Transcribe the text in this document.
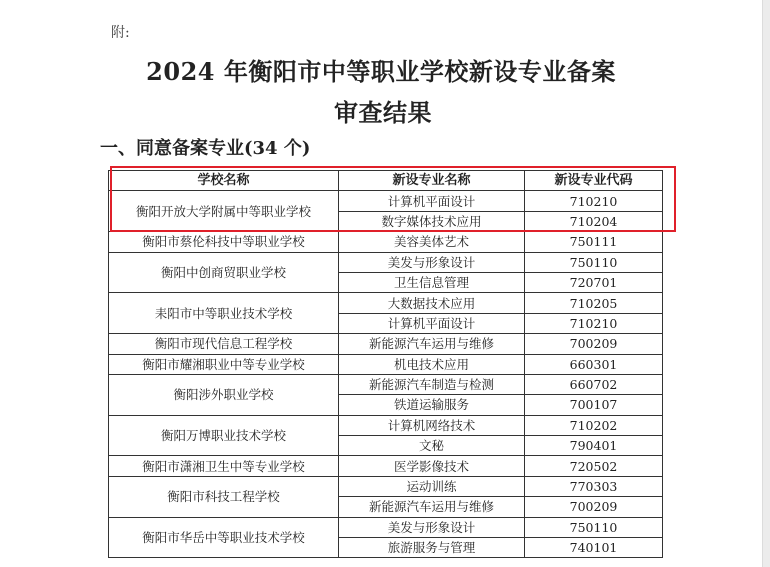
附:
2024 年衡阳市中等职业学校新设专业备案
审查结果
一、同意备案专业(34 个)
学校名称	新设专业名称	新设专业代码
衡阳开放大学附属中等职业学校	计算机平面设计	710210
	数字媒体技术应用	710204
衡阳市蔡伦科技中等职业学校	美容美体艺术	750111
衡阳中创商贸职业学校	美发与形象设计	750110
	卫生信息管理	720701
耒阳市中等职业技术学校	大数据技术应用	710205
	计算机平面设计	710210
衡阳市现代信息工程学校	新能源汽车运用与维修	700209
衡阳市耀湘职业中等专业学校	机电技术应用	660301
衡阳涉外职业学校	新能源汽车制造与检测	660702
	铁道运输服务	700107
衡阳万博职业技术学校	计算机网络技术	710202
	文秘	790401
衡阳市潇湘卫生中等专业学校	医学影像技术	720502
衡阳市科技工程学校	运动训练	770303
	新能源汽车运用与维修	700209
衡阳市华岳中等职业技术学校	美发与形象设计	750110
	旅游服务与管理	740101
